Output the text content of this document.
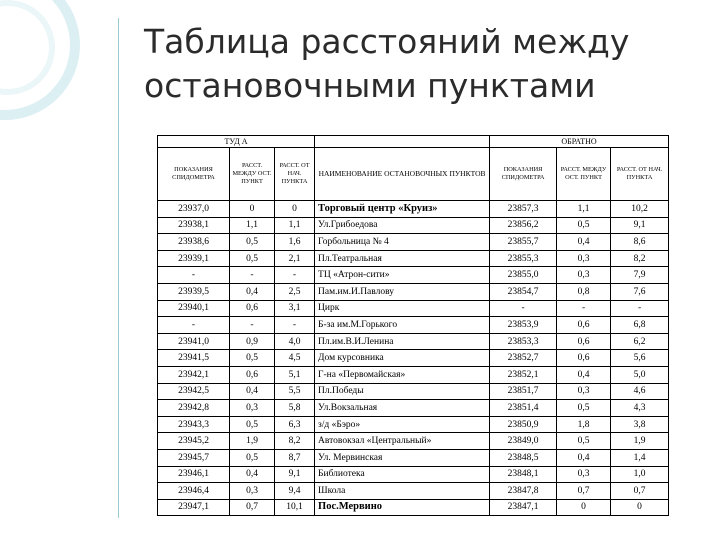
Таблица расстояний между
остановочными пунктами
ТУД А				ОБРАТНО		
ПОКАЗАНИЯ СПИДОМЕТРА	РАССТ. МЕЖДУ ОСТ. ПУНКТ	РАССТ. ОТ НАЧ. ПУНКТА	НАИМЕНОВАНИЕ ОСТАНОВОЧНЫХ ПУНКТОВ	ПОКАЗАНИЯ СПИДОМЕТРА	РАССТ. МЕЖДУ ОСТ. ПУНКТ	РАССТ. ОТ НАЧ. ПУНКТА
23937,0	0	0	Торговый центр «Круиз»	23857,3	1,1	10,2
23938,1	1,1	1,1	Ул.Грибоедова	23856,2	0,5	9,1
23938,6	0,5	1,6	Горбольница № 4	23855,7	0,4	8,6
23939,1	0,5	2,1	Пл.Театральная	23855,3	0,3	8,2
-	-	-	ТЦ «Атрон-сити»	23855,0	0,3	7,9
23939,5	0,4	2,5	Пам.им.И.Павлову	23854,7	0,8	7,6
23940,1	0,6	3,1	Цирк	-	-	-
-	-	-	Б-за им.М.Горького	23853,9	0,6	6,8
23941,0	0,9	4,0	Пл.им.В.И.Ленина	23853,3	0,6	6,2
23941,5	0,5	4,5	Дом курсовника	23852,7	0,6	5,6
23942,1	0,6	5,1	Г-на «Первомайская»	23852,1	0,4	5,0
23942,5	0,4	5,5	Пл.Победы	23851,7	0,3	4,6
23942,8	0,3	5,8	Ул.Вокзальная	23851,4	0,5	4,3
23943,3	0,5	6,3	з/д «Бэро»	23850,9	1,8	3,8
23945,2	1,9	8,2	Автовокзал «Центральный»	23849,0	0,5	1,9
23945,7	0,5	8,7	Ул. Мервинская	23848,5	0,4	1,4
23946,1	0,4	9,1	Библиотека	23848,1	0,3	1,0
23946,4	0,3	9,4	Школа	23847,8	0,7	0,7
23947,1	0,7	10,1	Пос.Мервино	23847,1	0	0
